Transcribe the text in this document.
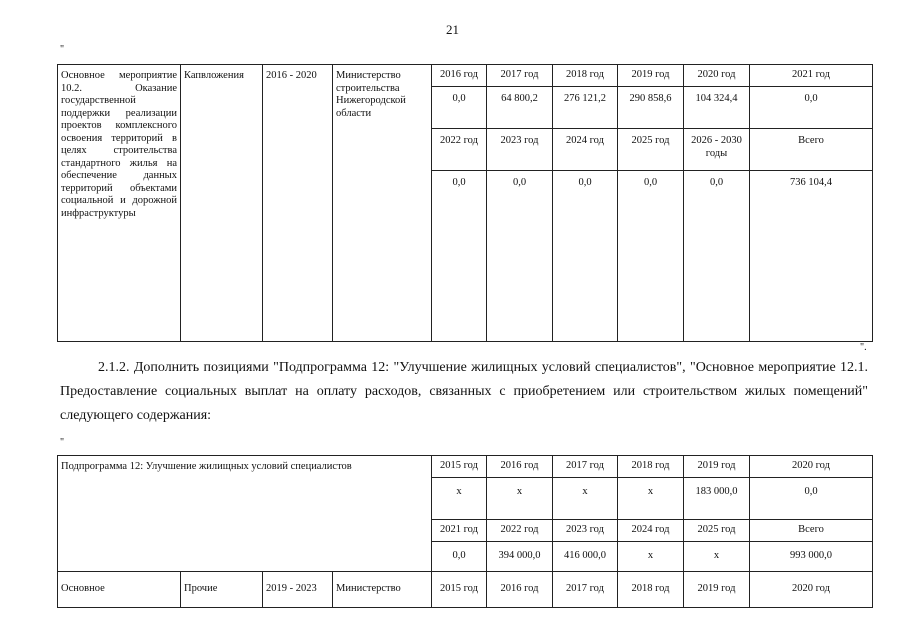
21
"
Основное мероприятие 10.2. Оказание государственной поддержки реализации проектов комплексного освоения территорий в целях строительства стандартного жилья на обеспечение данных территорий объектами социальной и дорожной инфраструктуры	Капвложения	2016 - 2020	Министерство строительства Нижегородской области	2016 год	2017 год	2018 год	2019 год	2020 год	2021 год
				0,0	64 800,2	276 121,2	290 858,6	104 324,4	0,0
				2022 год	2023 год	2024 год	2025 год	2026 - 2030 годы	Всего
				0,0	0,0	0,0	0,0	0,0	736 104,4
".

2.1.2. Дополнить позициями "Подпрограмма 12: "Улучшение жилищных условий специалистов", "Основное мероприятие 12.1. Предоставление социальных выплат на оплату расходов, связанных с приобретением или строительством жилых помещений" следующего содержания:

"
Подпрограмма 12: Улучшение жилищных условий специалистов				2015 год	2016 год	2017 год	2018 год	2019 год	2020 год
				х	х	х	х	183 000,0	0,0
				2021 год	2022 год	2023 год	2024 год	2025 год	Всего
				0,0	394 000,0	416 000,0	х	х	993 000,0
Основное	Прочие	2019 - 2023	Министерство	2015 год	2016 год	2017 год	2018 год	2019 год	2020 год
